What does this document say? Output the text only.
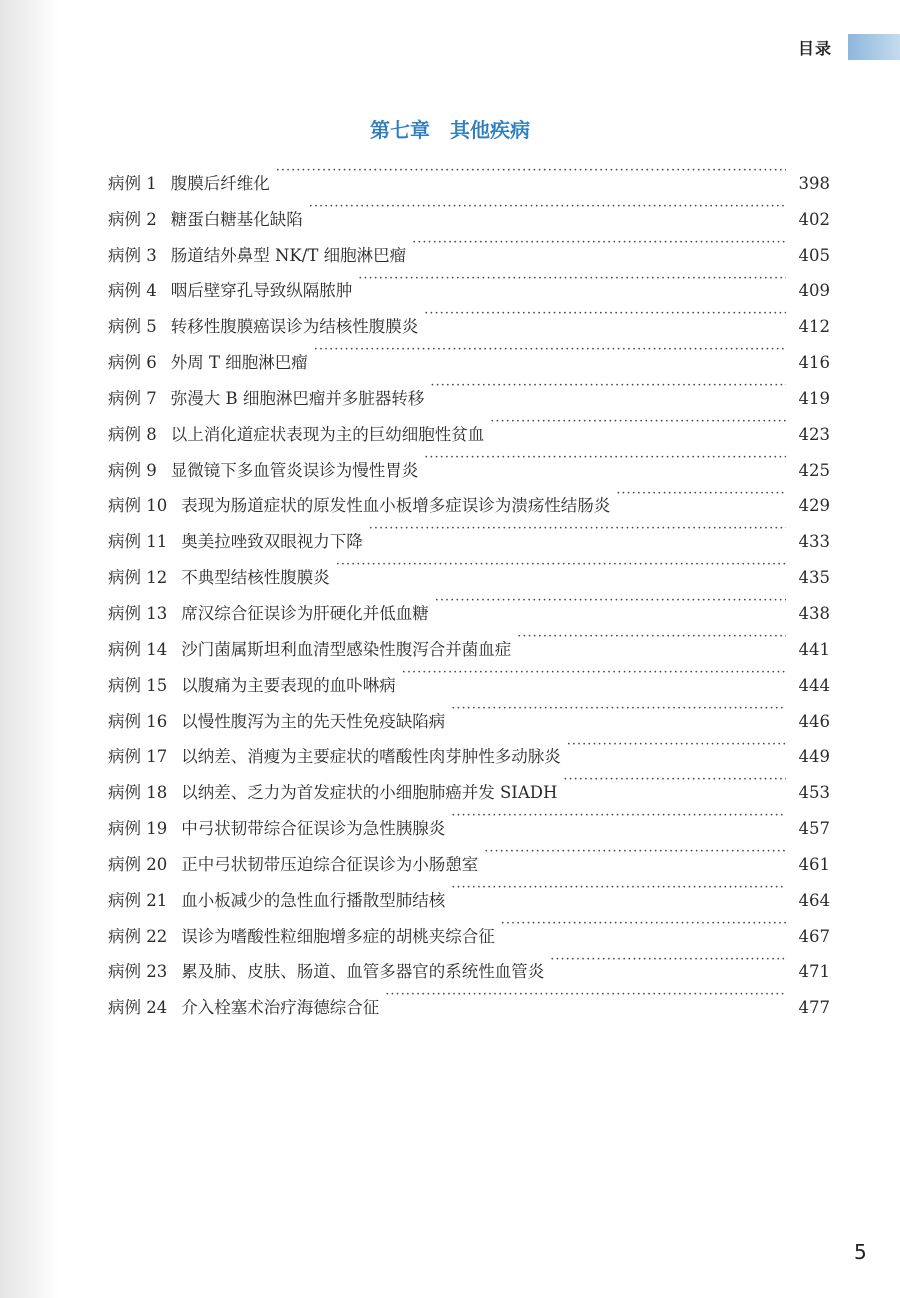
目录
第七章　其他疾病
病例 1 腹膜后纤维化 ·····	398
病例 2 糖蛋白糖基化缺陷 ·····	402
病例 3 肠道结外鼻型 NK/T 细胞淋巴瘤 ·····	405
病例 4 咽后壁穿孔导致纵隔脓肿 ·····	409
病例 5 转移性腹膜癌误诊为结核性腹膜炎 ·····	412
病例 6 外周 T 细胞淋巴瘤 ·····	416
病例 7 弥漫大 B 细胞淋巴瘤并多脏器转移 ·····	419
病例 8 以上消化道症状表现为主的巨幼细胞性贫血 ·····	423
病例 9 显微镜下多血管炎误诊为慢性胃炎 ·····	425
病例 10 表现为肠道症状的原发性血小板增多症误诊为溃疡性结肠炎 ·····	429
病例 11 奥美拉唑致双眼视力下降 ·····	433
病例 12 不典型结核性腹膜炎 ·····	435
病例 13 席汉综合征误诊为肝硬化并低血糖 ·····	438
病例 14 沙门菌属斯坦利血清型感染性腹泻合并菌血症 ·····	441
病例 15 以腹痛为主要表现的血卟啉病 ·····	444
病例 16 以慢性腹泻为主的先天性免疫缺陷病 ·····	446
病例 17 以纳差、消瘦为主要症状的嗜酸性肉芽肿性多动脉炎 ·····	449
病例 18 以纳差、乏力为首发症状的小细胞肺癌并发 SIADH ·····	453
病例 19 中弓状韧带综合征误诊为急性胰腺炎 ·····	457
病例 20 正中弓状韧带压迫综合征误诊为小肠憩室 ·····	461
病例 21 血小板减少的急性血行播散型肺结核 ·····	464
病例 22 误诊为嗜酸性粒细胞增多症的胡桃夹综合征 ·····	467
病例 23 累及肺、皮肤、肠道、血管多器官的系统性血管炎 ·····	471
病例 24 介入栓塞术治疗海德综合征 ·····	477
5
